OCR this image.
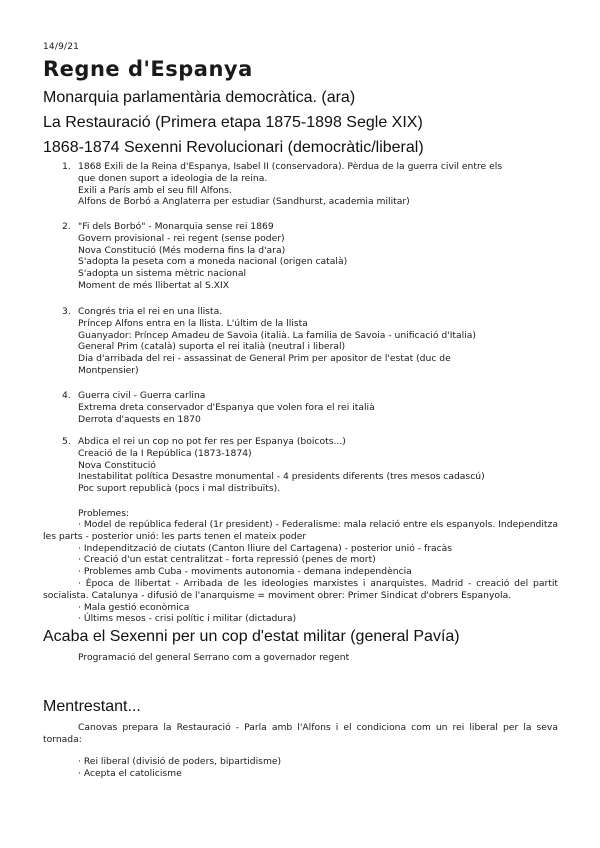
14/9/21
Regne d'Espanya
Monarquia parlamentària democràtica. (ara)
La Restauració (Primera etapa 1875-1898 Segle XIX)
1868-1874 Sexenni Revolucionari (democràtic/liberal)
1. 1868 Exili de la Reina d'Espanya, Isabel II (conservadora). Pèrdua de la guerra civil entre els
que donen suport a ideologia de la reina.
Exili a París amb el seu fill Alfons.
Alfons de Borbó a Anglaterra per estudiar (Sandhurst, academia militar)
2. "Fi dels Borbó" - Monarquia sense rei 1869
Govern provisional - rei regent (sense poder)
Nova Constitució (Més moderna fins la d'ara)
S'adopta la peseta com a moneda nacional (origen català)
S'adopta un sistema mètric nacional
Moment de més llibertat al S.XIX
3. Congrés tria el rei en una llista.
Príncep Alfons entra en la llista. L'últim de la llista
Guanyador: Príncep Amadeu de Savoia (italià. La familia de Savoia - unificació d'Italia)
General Prim (català) suporta el rei italià (neutral i liberal)
Dia d'arribada del rei - assassinat de General Prim per apositor de l'estat (duc de
Montpensier)
4. Guerra civil - Guerra carlina
Extrema dreta conservador d'Espanya que volen fora el rei italià
Derrota d'aquests en 1870
5. Abdica el rei un cop no pot fer res per Espanya (boicots...)
Creació de la I República (1873-1874)
Nova Constitució
Inestabilitat política Desastre monumental - 4 presidents diferents (tres mesos cadascú)
Poc suport republicà (pocs i mal distribuïts).
Problemes:
· Model de república federal (1r president) - Federalisme: mala relació entre els espanyols. Independitza les parts - posterior unió: les parts tenen el mateix poder
· Independització de ciutats (Canton lliure del Cartagena) - posterior unió - fracàs
· Creació d'un estat centralitzat - forta repressió (penes de mort)
· Problemes amb Cuba - moviments autonomia - demana independència
· Època de llibertat - Arribada de les ideologies marxistes i anarquistes. Madrid - creació del partit socialista. Catalunya - difusió de l'anarquisme = moviment obrer: Primer Sindicat d'obrers Espanyola.
· Mala gestió econòmica
· Últims mesos - crisi polític i militar (dictadura)
Acaba el Sexenni per un cop d'estat militar (general Pavía)
Programació del general Serrano com a governador regent
Mentrestant...
Canovas prepara la Restauració - Parla amb l'Alfons i el condiciona com un rei liberal per la seva tornada:
· Rei liberal (divisió de poders, bipartidisme)
· Acepta el catolicisme
